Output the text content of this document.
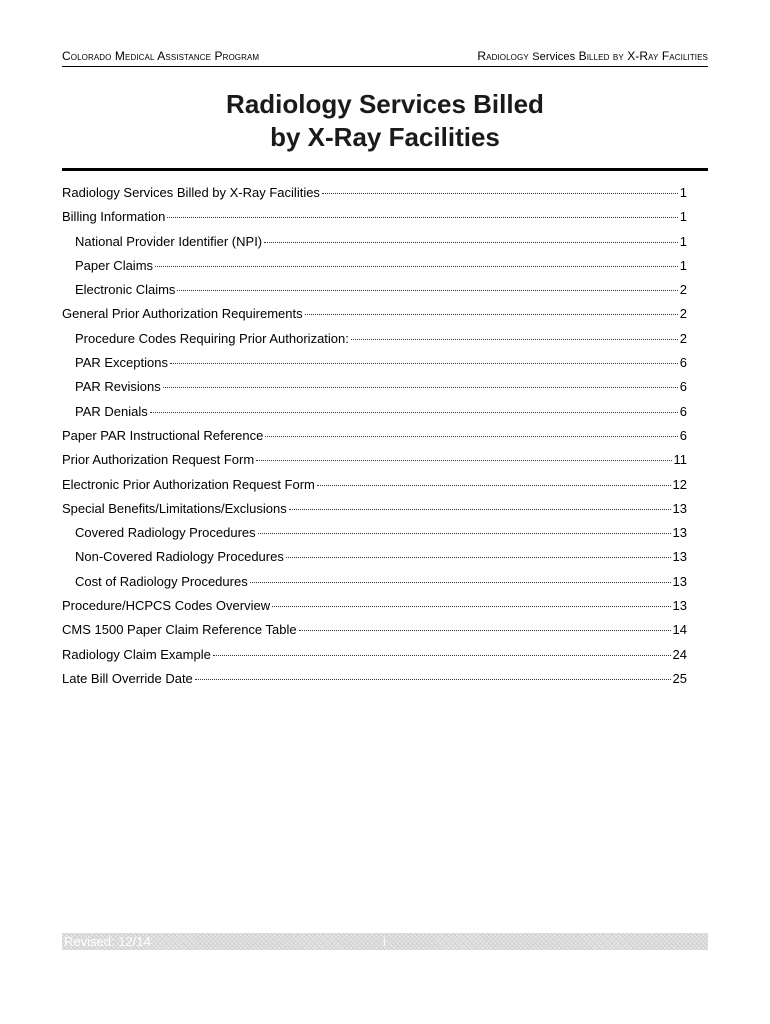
Colorado Medical Assistance Program	Radiology Services Billed by X-Ray Facilities
Radiology Services Billed
by X-Ray Facilities
Radiology Services Billed by X-Ray Facilities	1
Billing Information	1
National Provider Identifier (NPI)	1
Paper Claims	1
Electronic Claims	2
General Prior Authorization Requirements	2
Procedure Codes Requiring Prior Authorization:	2
PAR Exceptions	6
PAR Revisions	6
PAR Denials	6
Paper PAR Instructional Reference	6
Prior Authorization Request Form	11
Electronic Prior Authorization Request Form	12
Special Benefits/Limitations/Exclusions	13
Covered Radiology Procedures	13
Non-Covered Radiology Procedures	13
Cost of Radiology Procedures	13
Procedure/HCPCS Codes Overview	13
CMS 1500 Paper Claim Reference Table	14
Radiology Claim Example	24
Late Bill Override Date	25
Revised: 12/14	i
